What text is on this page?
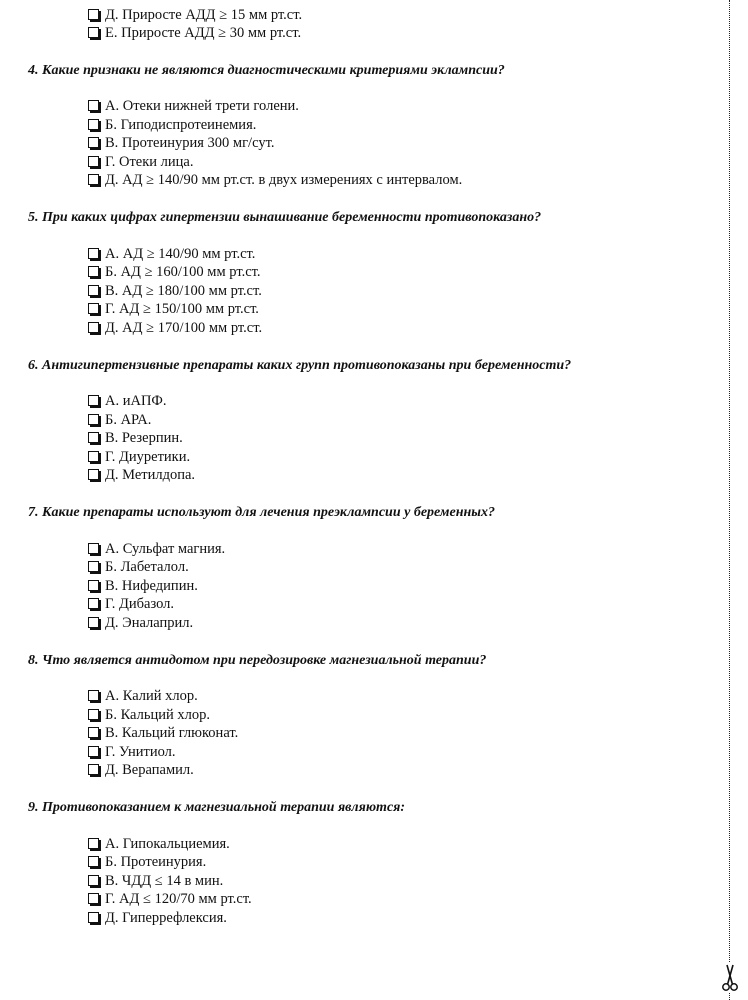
Д. Приросте АДД ≥ 15 мм рт.ст.
Е. Приросте АДД ≥ 30 мм рт.ст.
4. Какие признаки не являются диагностическими критериями эклампсии?
А. Отеки нижней трети голени.
Б. Гиподиспротеинемия.
В. Протеинурия 300 мг/сут.
Г. Отеки лица.
Д. АД ≥ 140/90 мм рт.ст. в двух измерениях с интервалом.
5. При каких цифрах гипертензии вынашивание беременности противопоказано?
А. АД ≥ 140/90 мм рт.ст.
Б. АД ≥ 160/100 мм рт.ст.
В. АД ≥ 180/100 мм рт.ст.
Г. АД ≥ 150/100 мм рт.ст.
Д. АД ≥ 170/100 мм рт.ст.
6. Антигипертензивные препараты каких групп противопоказаны при беременности?
А. иАПФ.
Б. АРА.
В. Резерпин.
Г. Диуретики.
Д. Метилдопа.
7. Какие препараты используют для лечения преэклампсии у беременных?
А. Сульфат магния.
Б. Лабеталол.
В. Нифедипин.
Г. Дибазол.
Д. Эналаприл.
8. Что является антидотом при передозировке магнезиальной терапии?
А. Калий хлор.
Б. Кальций хлор.
В. Кальций глюконат.
Г. Унитиол.
Д. Верапамил.
9. Противопоказанием к магнезиальной терапии являются:
А. Гипокальциемия.
Б. Протеинурия.
В. ЧДД ≤ 14 в мин.
Г. АД ≤ 120/70 мм рт.ст.
Д. Гиперрефлексия.
